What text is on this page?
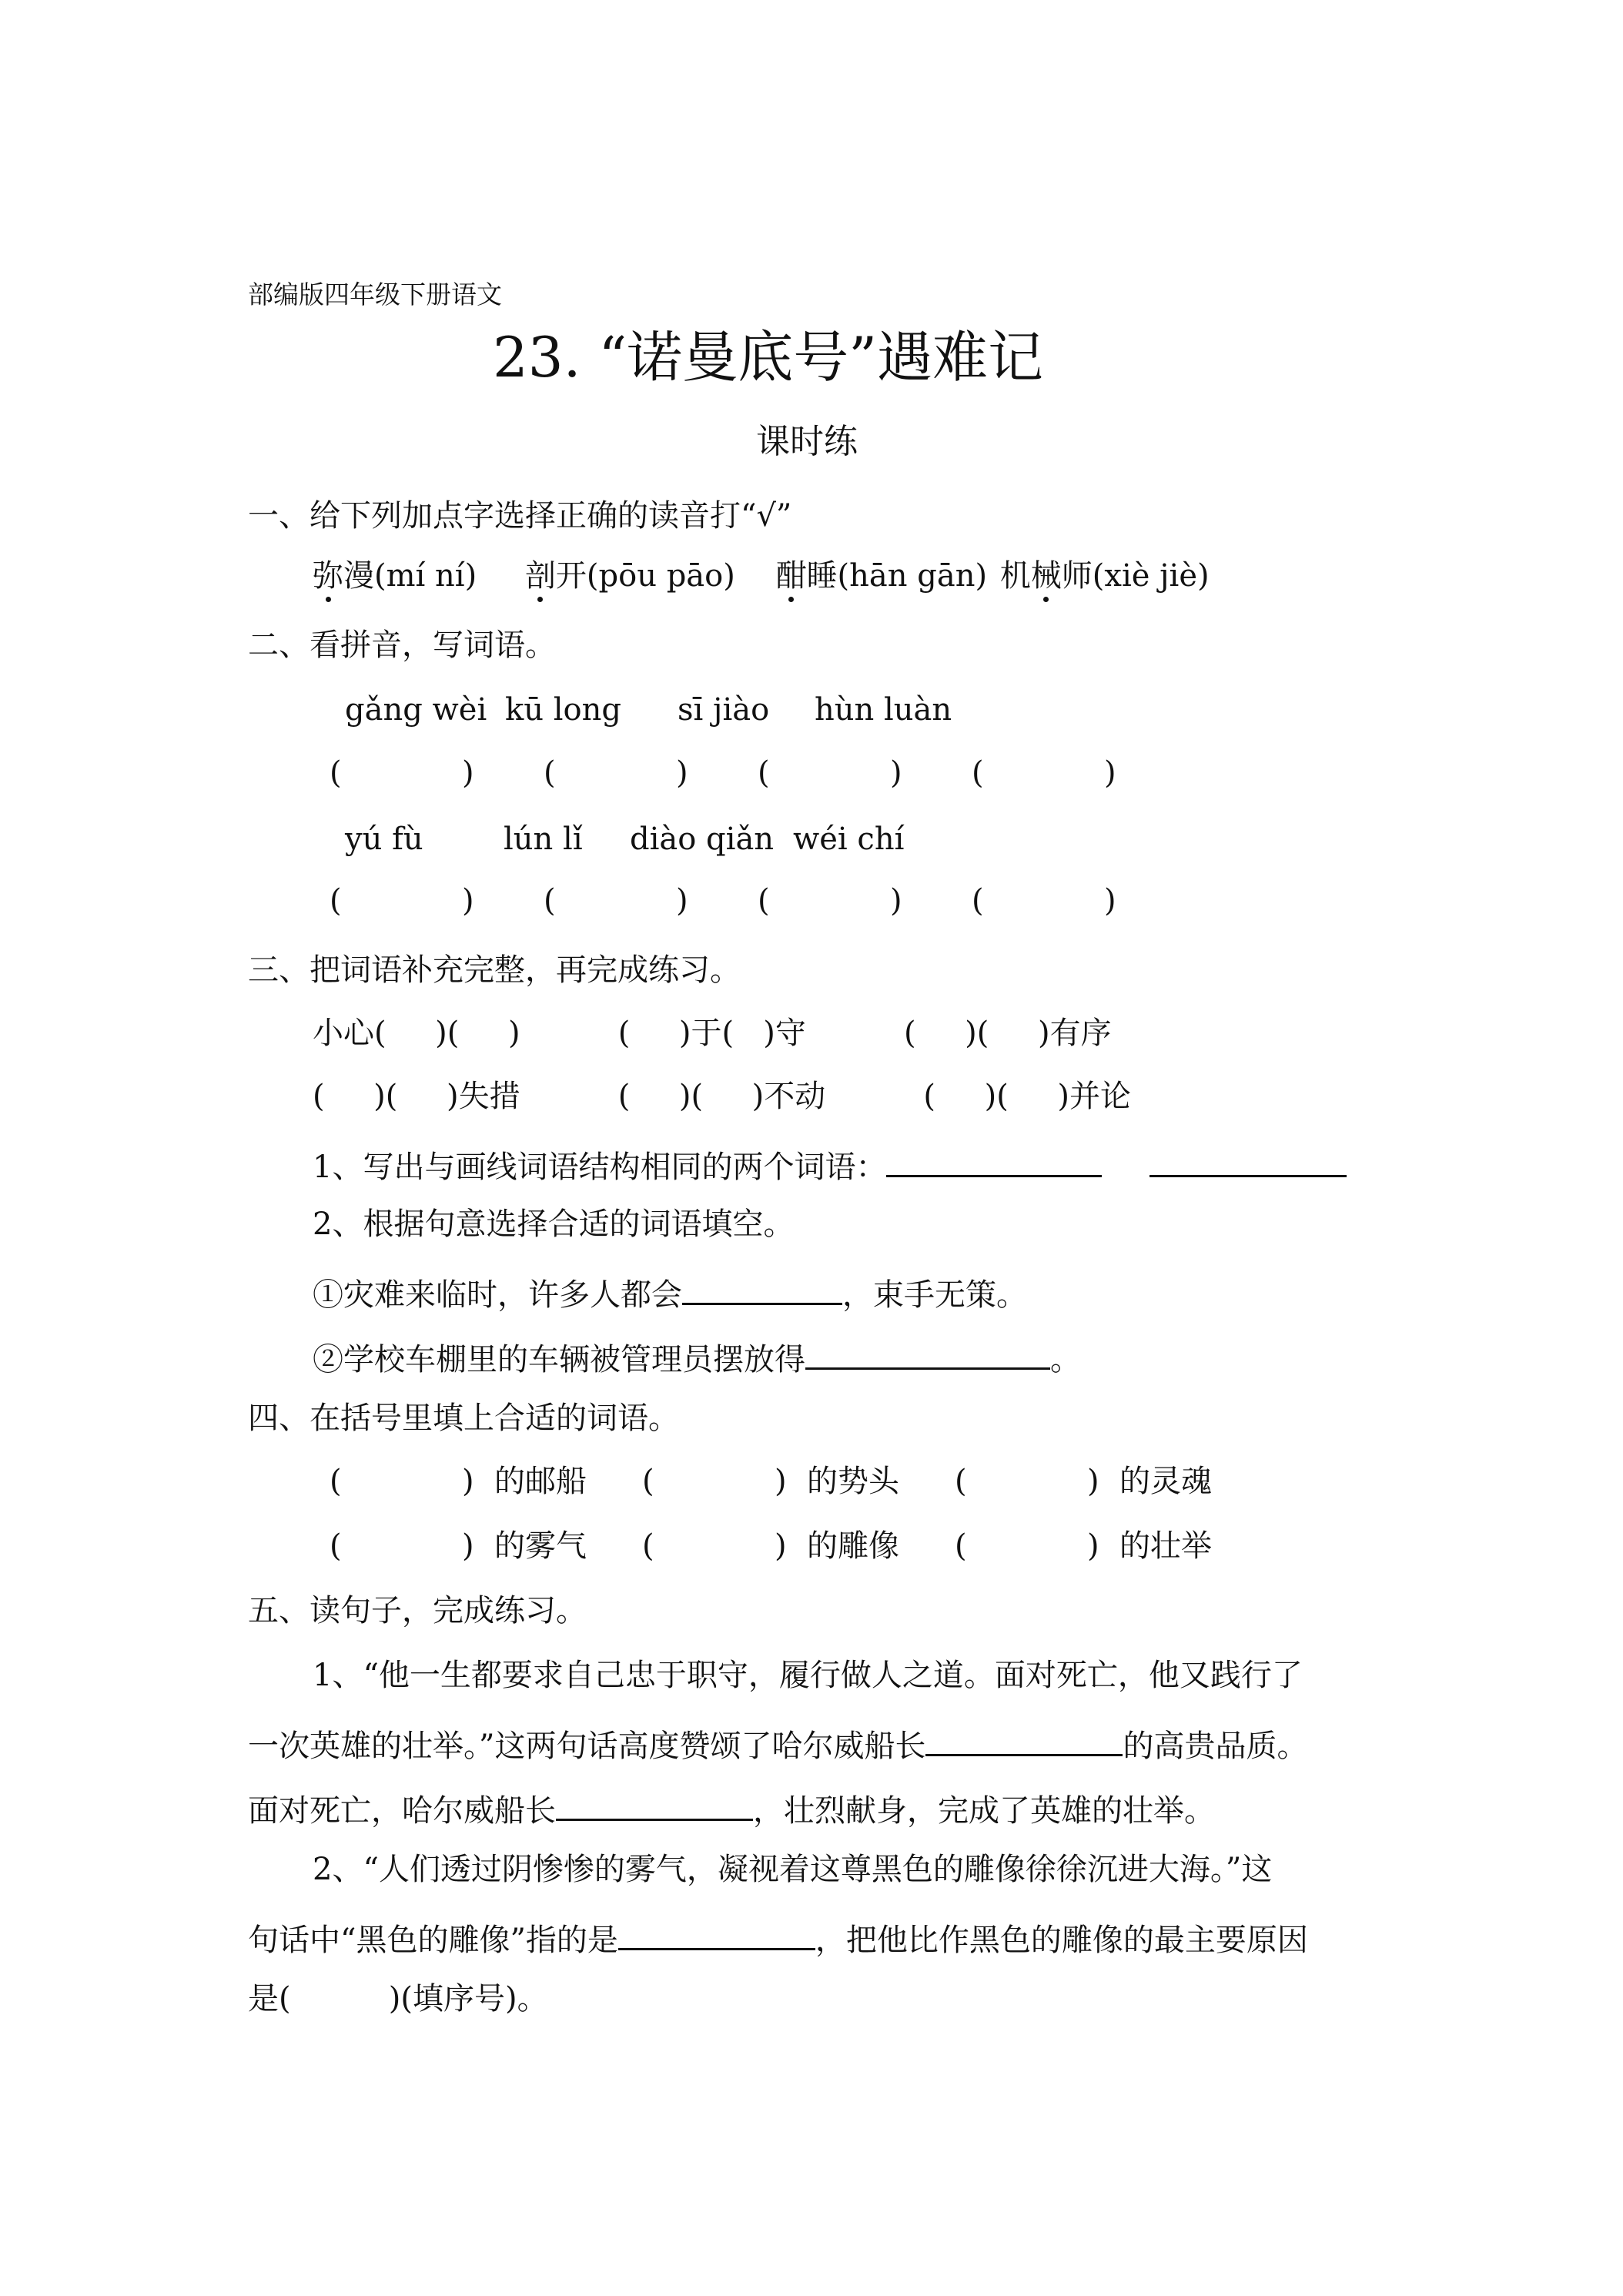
部编版四年级下册语文
23. “诺曼底号”遇难记
课时练
一、给下列加点字选择正确的读音打“√”
弥漫(mí ní) 剖开(pōu pāo) 酣睡(hān gān) 机械师(xiè jiè)
二、看拼音，写词语。
gǎng wèi kū long sī jiào hùn luàn
(	) (	) (	) (	)
yú fù	lún lǐ diào qiǎn wéi chí
(	) (	) (	) (	)
三、把词语补充完整，再完成练习。
小心(     )(     )          (     )于(   )守          (     )(     )有序
(     )(     )失措          (     )(     )不动          (     )(     )并论
1、写出与画线词语结构相同的两个词语：
2、根据句意选择合适的词语填空。
①灾难来临时，许多人都会	，束手无策。
②学校车棚里的车辆被管理员摆放得	。
四、在括号里填上合适的词语。
(	) 的邮船 (	) 的势头 (	) 的灵魂
(	) 的雾气 (	) 的雕像 (	) 的壮举
五、读句子，完成练习。
1、“他一生都要求自己忠于职守，履行做人之道。面对死亡，他又践行了
一次英雄的壮举。”这两句话高度赞颂了哈尔威船长	的高贵品质。
面对死亡，哈尔威船长	，壮烈献身，完成了英雄的壮举。
2、“人们透过阴惨惨的雾气，凝视着这尊黑色的雕像徐徐沉进大海。”这
句话中“黑色的雕像”指的是	，把他比作黑色的雕像的最主要原因
是(          )(填序号)。
